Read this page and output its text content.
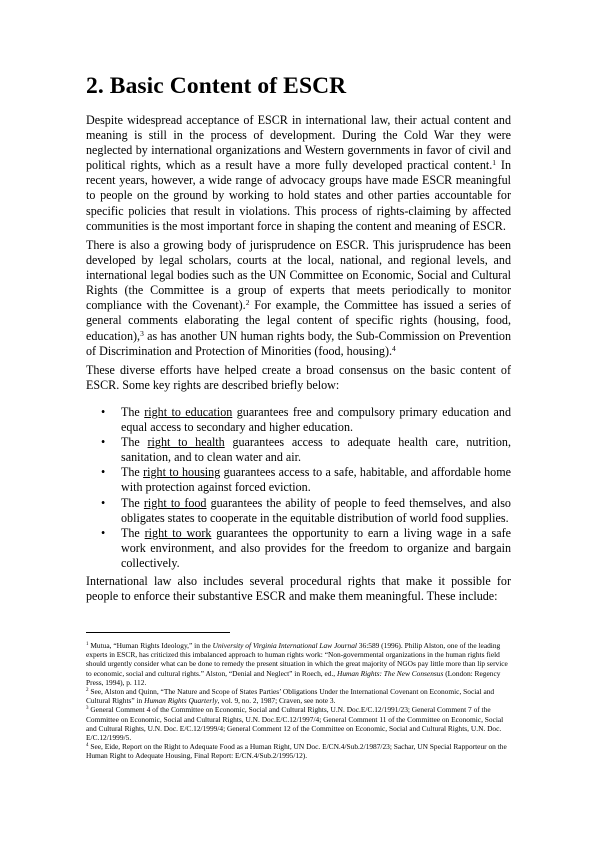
2. Basic Content of ESCR

Despite widespread acceptance of ESCR in international law, their actual content and meaning is still in the process of development. During the Cold War they were neglected by international organizations and Western governments in favor of civil and political rights, which as a result have a more fully developed practical content.$^1$ In recent years, however, a wide range of advocacy groups have made ESCR meaningful to people on the ground by working to hold states and other parties accountable for specific policies that result in violations. This process of rights-claiming by affected communities is the most important force in shaping the content and meaning of ESCR.

There is also a growing body of jurisprudence on ESCR. This jurisprudence has been developed by legal scholars, courts at the local, national, and regional levels, and international legal bodies such as the UN Committee on Economic, Social and Cultural Rights (the Committee is a group of experts that meets periodically to monitor compliance with the Covenant).$^2$ For example, the Committee has issued a series of general comments elaborating the legal content of specific rights (housing, food, education),$^3$ as has another UN human rights body, the Sub-Commission on Prevention of Discrimination and Protection of Minorities (food, housing).$^4$

These diverse efforts have helped create a broad consensus on the basic content of ESCR. Some key rights are described briefly below:

• The right to education guarantees free and compulsory primary education and equal access to secondary and higher education.
• The right to health guarantees access to adequate health care, nutrition, sanitation, and to clean water and air.
• The right to housing guarantees access to a safe, habitable, and affordable home with protection against forced eviction.
• The right to food guarantees the ability of people to feed themselves, and also obligates states to cooperate in the equitable distribution of world food supplies.
• The right to work guarantees the opportunity to earn a living wage in a safe work environment, and also provides for the freedom to organize and bargain collectively.

International law also includes several procedural rights that make it possible for people to enforce their substantive ESCR and make them meaningful. These include:

$^1$ Mutua, “Human Rights Ideology,” in the University of Virginia International Law Journal 36:589 (1996). Philip Alston, one of the leading experts in ESCR, has criticized this imbalanced approach to human rights work: “Non-governmental organizations in the human rights field should urgently consider what can be done to remedy the present situation in which the great majority of NGOs pay little more than lip service to economic, social and cultural rights.” Alston, “Denial and Neglect” in Roech, ed., Human Rights: The New Consensus (London: Regency Press, 1994), p. 112.
$^2$ See, Alston and Quinn, “The Nature and Scope of States Parties’ Obligations Under the International Covenant on Economic, Social and Cultural Rights” in Human Rights Quarterly, vol. 9, no. 2, 1987; Craven, see note 3.
$^3$ General Comment 4 of the Committee on Economic, Social and Cultural Rights, U.N. Doc.E/C.12/1991/23; General Comment 7 of the Committee on Economic, Social and Cultural Rights, U.N. Doc.E/C.12/1997/4; General Comment 11 of the Committee on Economic, Social and Cultural Rights, U.N. Doc. E/C.12/1999/4; General Comment 12 of the Committee on Economic, Social and Cultural Rights, U.N. Doc. E/C.12/1999/5.
$^4$ See, Eide, Report on the Right to Adequate Food as a Human Right, UN Doc. E/CN.4/Sub.2/1987/23; Sachar, UN Special Rapporteur on the Human Right to Adequate Housing, Final Report: E/CN.4/Sub.2/1995/12).
